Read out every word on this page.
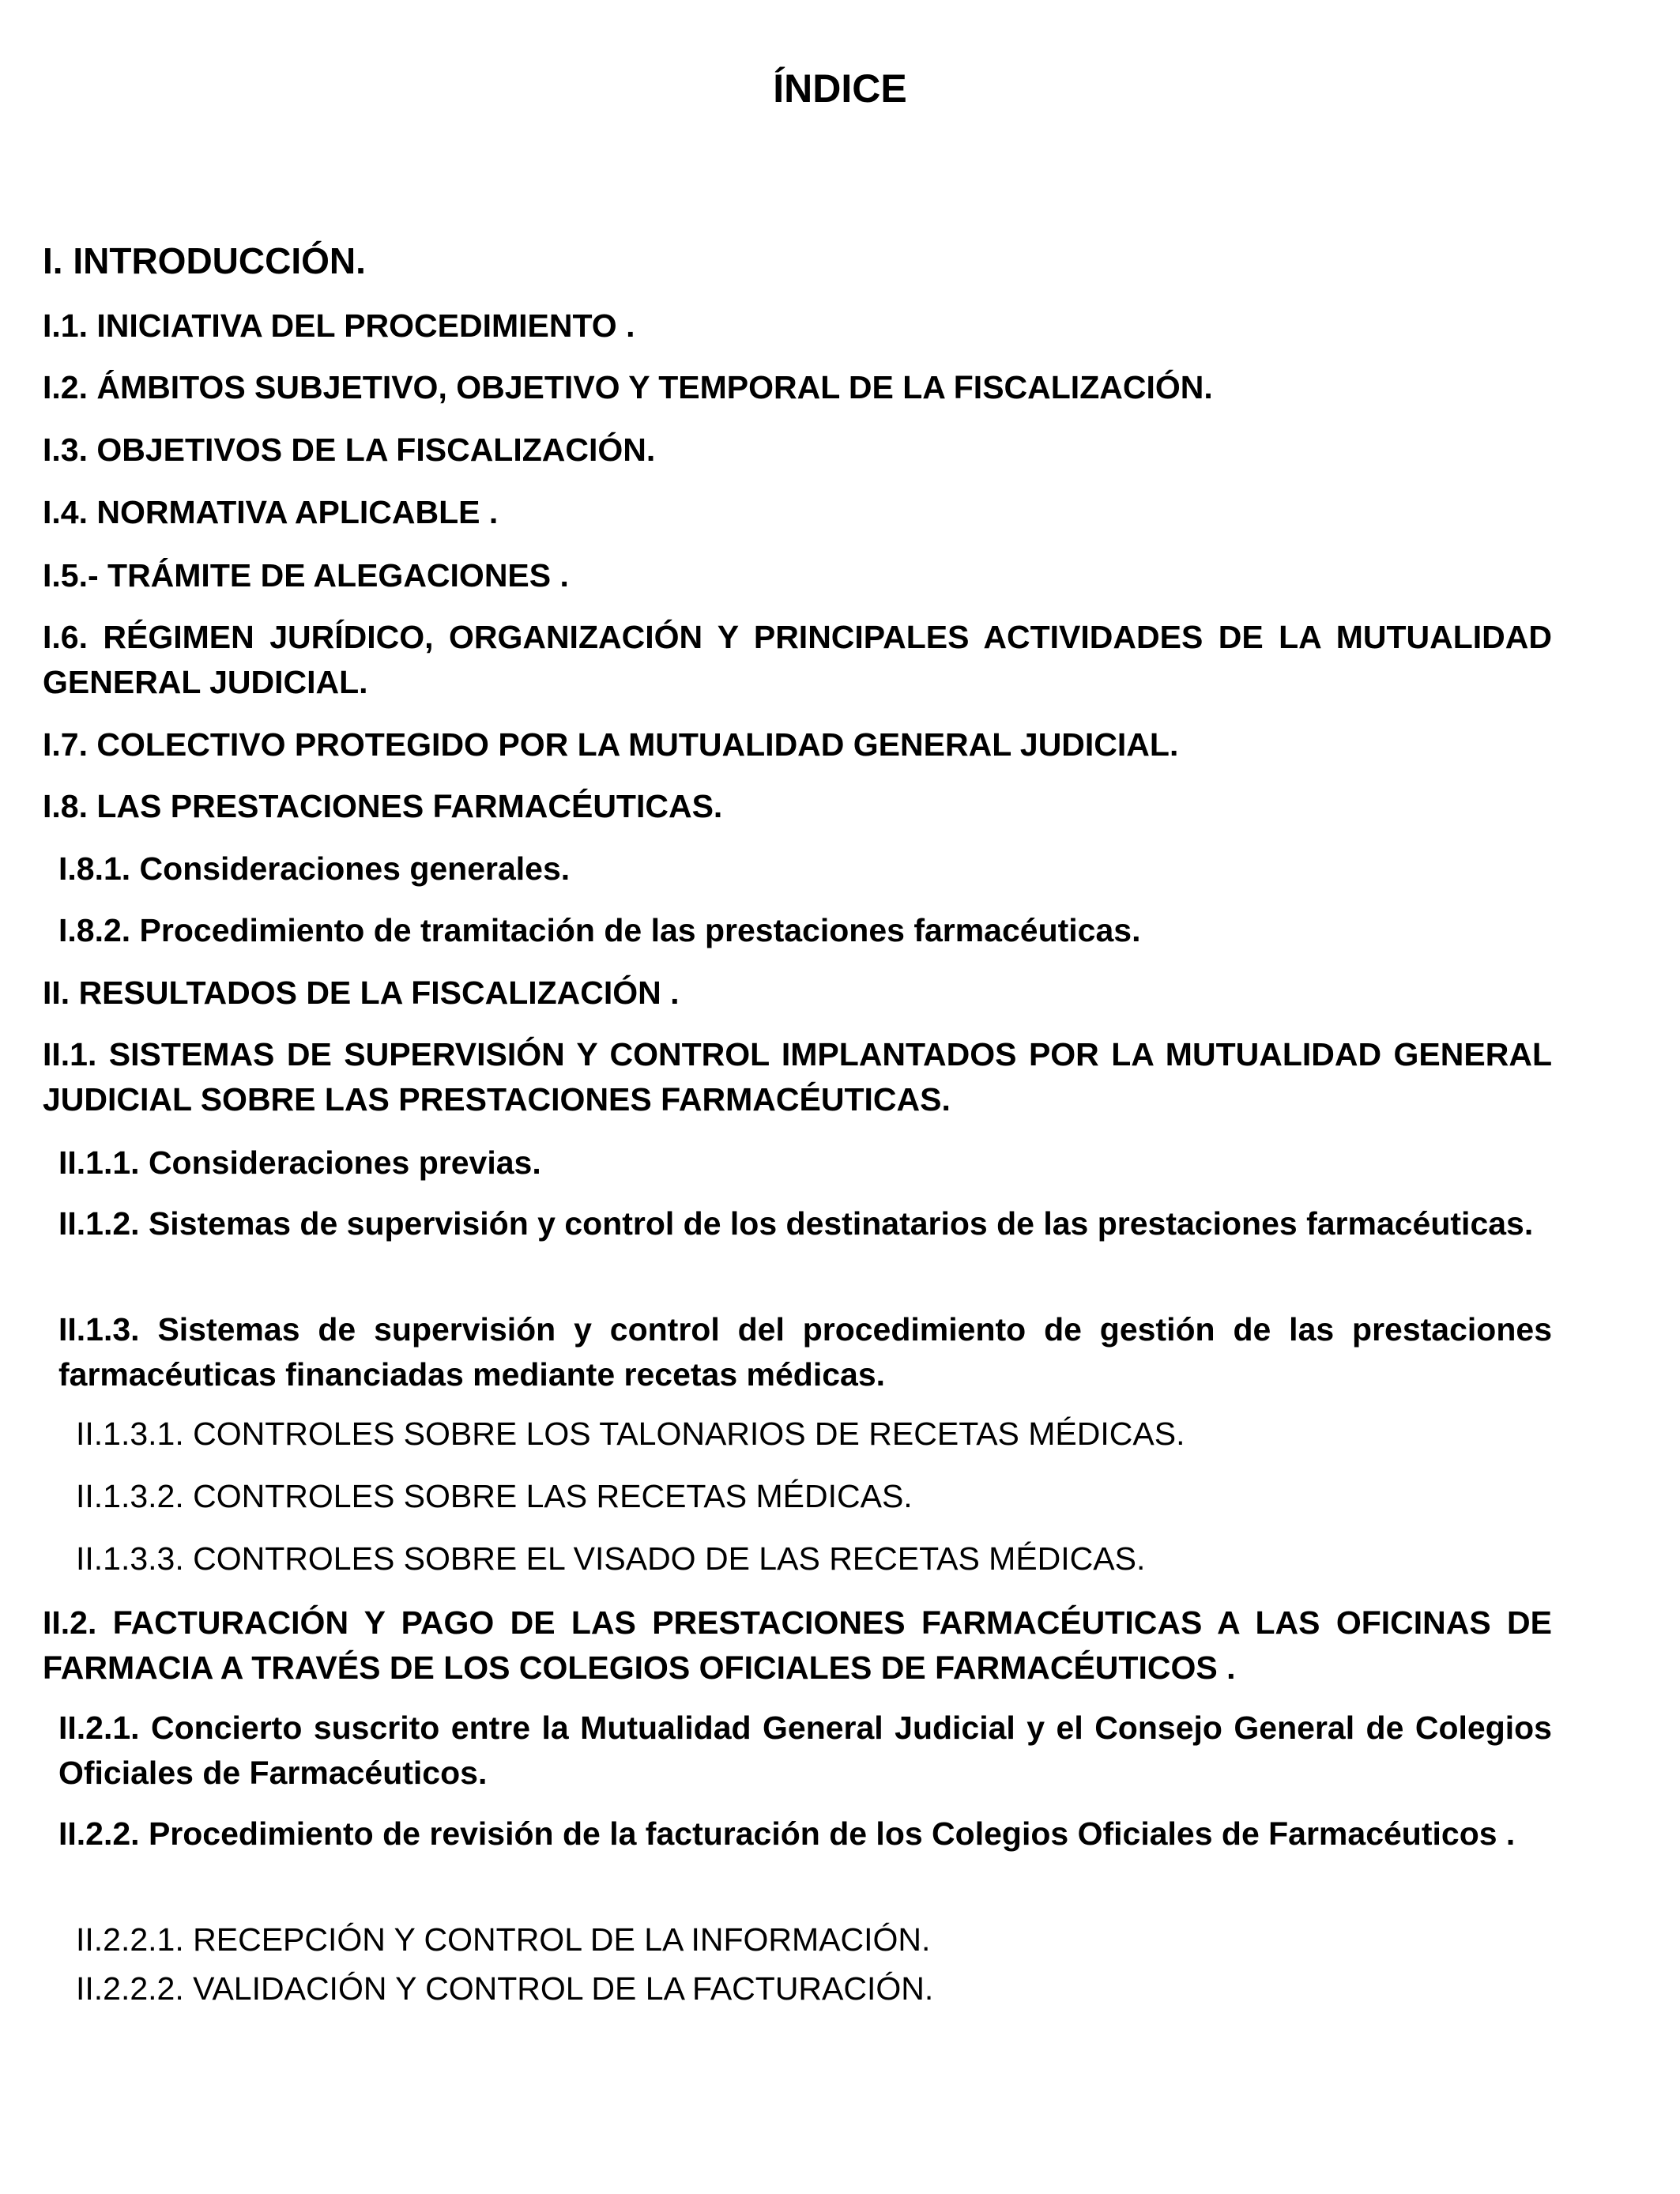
ÍNDICE

I. INTRODUCCIÓN.

I.1. INICIATIVA DEL PROCEDIMIENTO .

I.2. ÁMBITOS SUBJETIVO, OBJETIVO Y TEMPORAL DE LA FISCALIZACIÓN.

I.3. OBJETIVOS DE LA FISCALIZACIÓN.

I.4. NORMATIVA APLICABLE .

I.5.- TRÁMITE DE ALEGACIONES .

I.6. RÉGIMEN JURÍDICO, ORGANIZACIÓN Y PRINCIPALES ACTIVIDADES DE LA MUTUALIDAD GENERAL JUDICIAL.

I.7. COLECTIVO PROTEGIDO POR LA MUTUALIDAD GENERAL JUDICIAL.

I.8. LAS PRESTACIONES FARMACÉUTICAS.

I.8.1. Consideraciones generales.

I.8.2. Procedimiento de tramitación de las prestaciones farmacéuticas.

II. RESULTADOS DE LA FISCALIZACIÓN .

II.1. SISTEMAS DE SUPERVISIÓN Y CONTROL IMPLANTADOS POR LA MUTUALIDAD GENERAL JUDICIAL SOBRE LAS PRESTACIONES FARMACÉUTICAS.

II.1.1. Consideraciones previas.

II.1.2. Sistemas de supervisión y control de los destinatarios de las prestaciones farmacéuticas.

II.1.3. Sistemas de supervisión y control del procedimiento de gestión de las prestaciones farmacéuticas financiadas mediante recetas médicas.

II.1.3.1. CONTROLES SOBRE LOS TALONARIOS DE RECETAS MÉDICAS.

II.1.3.2. CONTROLES SOBRE LAS RECETAS MÉDICAS.

II.1.3.3. CONTROLES SOBRE EL VISADO DE LAS RECETAS MÉDICAS.

II.2. FACTURACIÓN Y PAGO DE LAS PRESTACIONES FARMACÉUTICAS A LAS OFICINAS DE FARMACIA A TRAVÉS DE LOS COLEGIOS OFICIALES DE FARMACÉUTICOS .

II.2.1. Concierto suscrito entre la Mutualidad General Judicial y el Consejo General de Colegios Oficiales de Farmacéuticos.

II.2.2. Procedimiento de revisión de la facturación de los Colegios Oficiales de Farmacéuticos .

II.2.2.1. RECEPCIÓN Y CONTROL DE LA INFORMACIÓN.

II.2.2.2. VALIDACIÓN Y CONTROL DE LA FACTURACIÓN.
